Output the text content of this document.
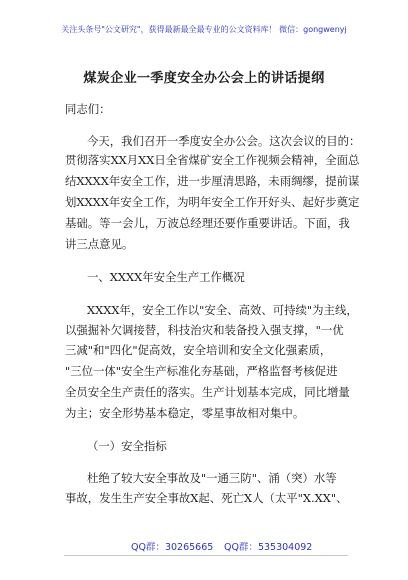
关注头条号"公文研究"，获得最新最全最专业的公文资料库！ 微信：gongwenyj
煤炭企业一季度安全办公会上的讲话提纲
同志们：
今天，我们召开一季度安全办公会。这次会议的目的：
贯彻落实XX月XX日全省煤矿安全工作视频会精神，全面总
结XXXX年安全工作，进一步厘清思路，未雨绸缪，提前谋
划XXXX年安全工作，为明年安全工作开好头、起好步奠定
基础。等一会儿，万波总经理还要作重要讲话。下面，我
讲三点意见。
一、XXXX年安全生产工作概况
XXXX年，安全工作以"安全、高效、可持续"为主线，
以强掘补欠调接替，科技治灾和装备投入强支撑，"一优
三减"和"四化"促高效，安全培训和安全文化强素质，
"三位一体"安全生产标准化夯基础，严格监督考核促进
全员安全生产责任的落实。生产计划基本完成，同比增量
为主；安全形势基本稳定，零星事故相对集中。
（一）安全指标
杜绝了较大安全事故及"一通三防"、涌（突）水等
事故，发生生产安全事故X起、死亡X人（太平"X.XX"、
QQ群：30265665 QQ群：535304092
